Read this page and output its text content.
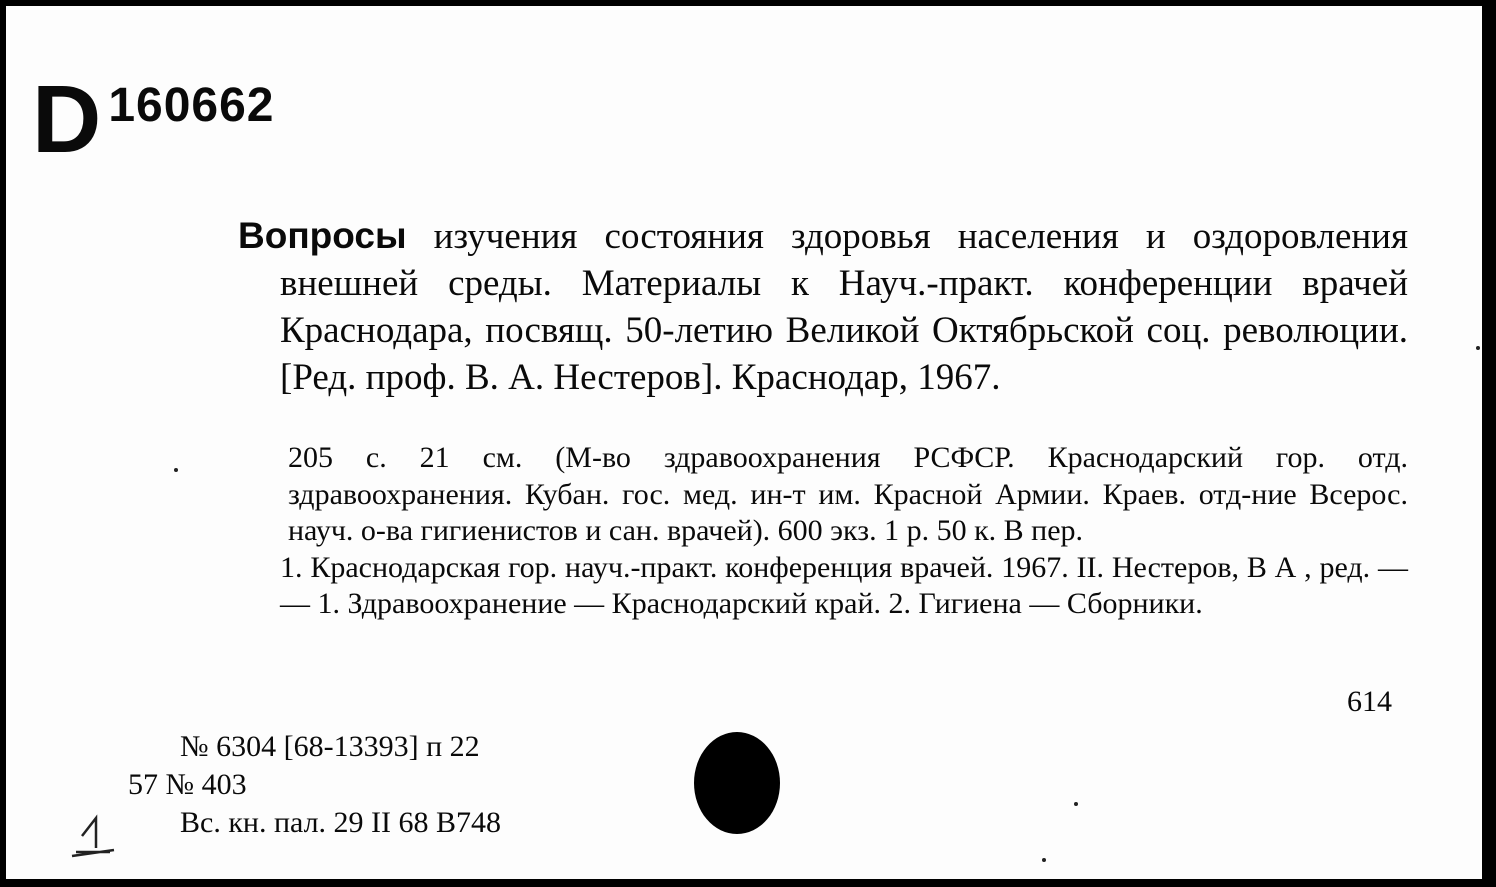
D 160662

Вопросы изучения состояния здоровья населения и оздоровления внешней среды. Материалы к Науч.-практ. конференции врачей Краснодара, посвящ. 50-летию Великой Октябрьской соц. революции. [Ред. проф. В. А. Нестеров]. Краснодар, 1967.

205 с. 21 см. (М-во здравоохранения РСФСР. Краснодарский гор. отд. здравоохранения. Кубан. гос. мед. ин-т им. Красной Армии. Краев. отд-ние Всерос. науч. о-ва гигиенистов и сан. врачей). 600 экз. 1 р. 50 к. В пер.

1. Краснодарская гор. науч.-практ. конференция врачей. 1967. II. Нестеров, В А , ред. — — 1. Здравоохранение — Краснодарский край. 2. Гигиена — Сборники.

614
№ 6304 [68-13393] п 22
57 № 403
Вс. кн. пал. 29 II 68 В748
